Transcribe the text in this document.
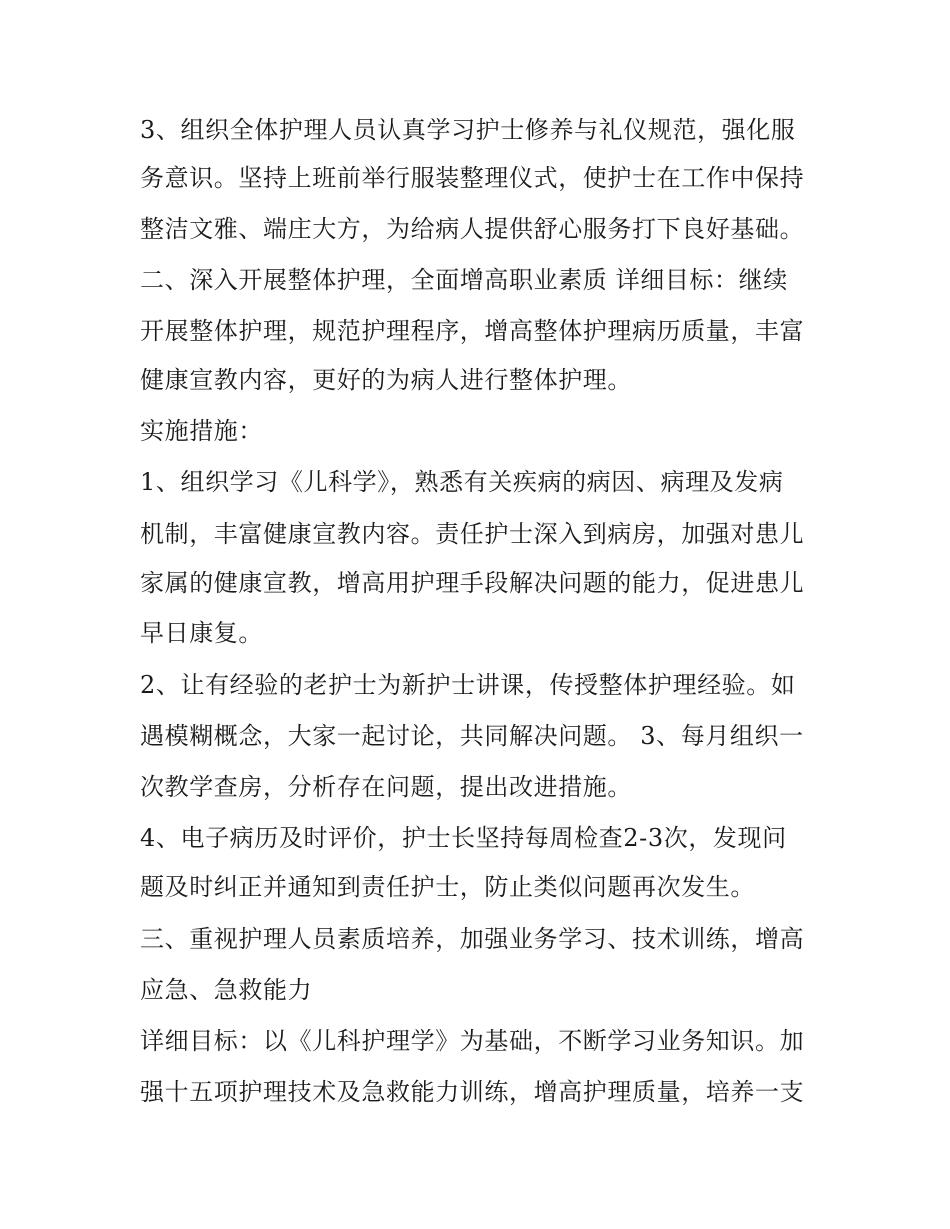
3、组织全体护理人员认真学习护士修养与礼仪规范，强化服

务意识。坚持上班前举行服装整理仪式，使护士在工作中保持

整洁文雅、端庄大方，为给病人提供舒心服务打下良好基础。

二、深入开展整体护理，全面增高职业素质 详细目标：继续

开展整体护理，规范护理程序，增高整体护理病历质量，丰富

健康宣教内容，更好的为病人进行整体护理。

实施措施：

1、组织学习《儿科学》，熟悉有关疾病的病因、病理及发病

机制，丰富健康宣教内容。责任护士深入到病房，加强对患儿

家属的健康宣教，增高用护理手段解决问题的能力，促进患儿

早日康复。

2、让有经验的老护士为新护士讲课，传授整体护理经验。如

遇模糊概念，大家一起讨论，共同解决问题。 3、每月组织一

次教学查房，分析存在问题，提出改进措施。

4、电子病历及时评价，护士长坚持每周检查2-3次，发现问

题及时纠正并通知到责任护士，防止类似问题再次发生。

三、重视护理人员素质培养，加强业务学习、技术训练，增高

应急、急救能力

详细目标：以《儿科护理学》为基础，不断学习业务知识。加

强十五项护理技术及急救能力训练，增高护理质量，培养一支
